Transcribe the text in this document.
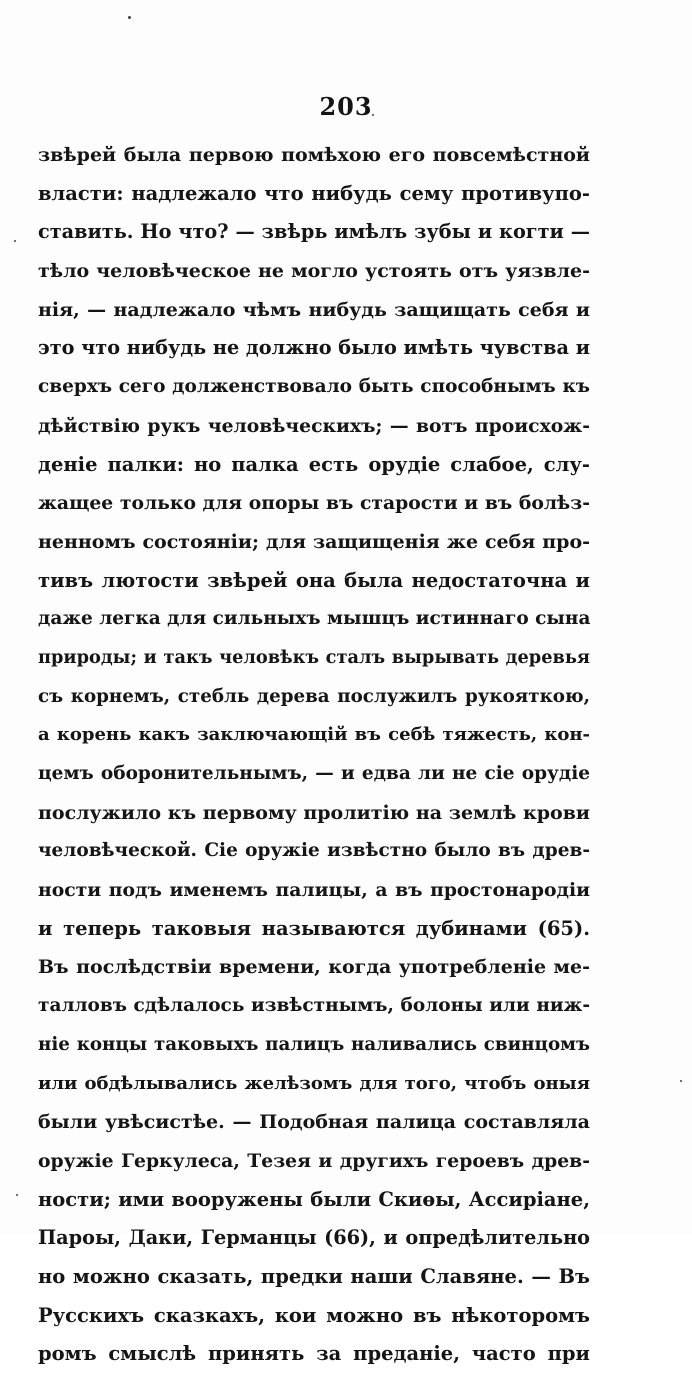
203
звѣрей была первою помѣхою его повсемѣстной
власти: надлежало что нибудь сему противупо-
ставить. Но что? — звѣрь имѣлъ зубы и когти —
тѣло человѣческое не могло устоять отъ уязвле-
нія, — надлежало чѣмъ нибудь защищать себя и
это что нибудь не должно было имѣть чувства и
сверхъ сего долженствовало быть способнымъ къ
дѣйствію рукъ человѣческихъ; — вотъ происхож-
деніе палки: но палка есть орудіе слабое, слу-
жащее только для опоры въ старости и въ болѣз-
ненномъ состояніи; для защищенія же себя про-
тивъ лютости звѣрей она была недостаточна и
даже легка для сильныхъ мышцъ истиннаго сына
природы; и такъ человѣкъ сталъ вырывать деревья
съ корнемъ, стебль дерева послужилъ рукояткою,
а корень какъ заключающій въ себѣ тяжесть, кон-
цемъ оборонительнымъ, — и едва ли не сіе орудіе
послужило къ первому пролитію на землѣ крови
человѣческой. Сіе оружіе извѣстно было въ древ-
ности подъ именемъ палицы, а въ простонародіи
и теперь таковыя называются дубинами (65).
Въ послѣдствіи времени, когда употребленіе ме-
талловъ сдѣлалось извѣстнымъ, болоны или ниж-
ніе концы таковыхъ палицъ наливались свинцомъ
или обдѣлывались желѣзомъ для того, чтобъ оныя
были увѣсистѣе. — Подобная палица составляла
оружіе Геркулеса, Тезея и другихъ героевъ древ-
ности; ими вооружены были Скиѳы, Ассиріане,
Пароы, Даки, Германцы (66), и опредѣлительно
но можно сказать, предки наши Славяне. — Въ
Русскихъ сказкахъ, кои можно въ нѣкоторомъ
ромъ смыслѣ принять за преданіе, часто при
